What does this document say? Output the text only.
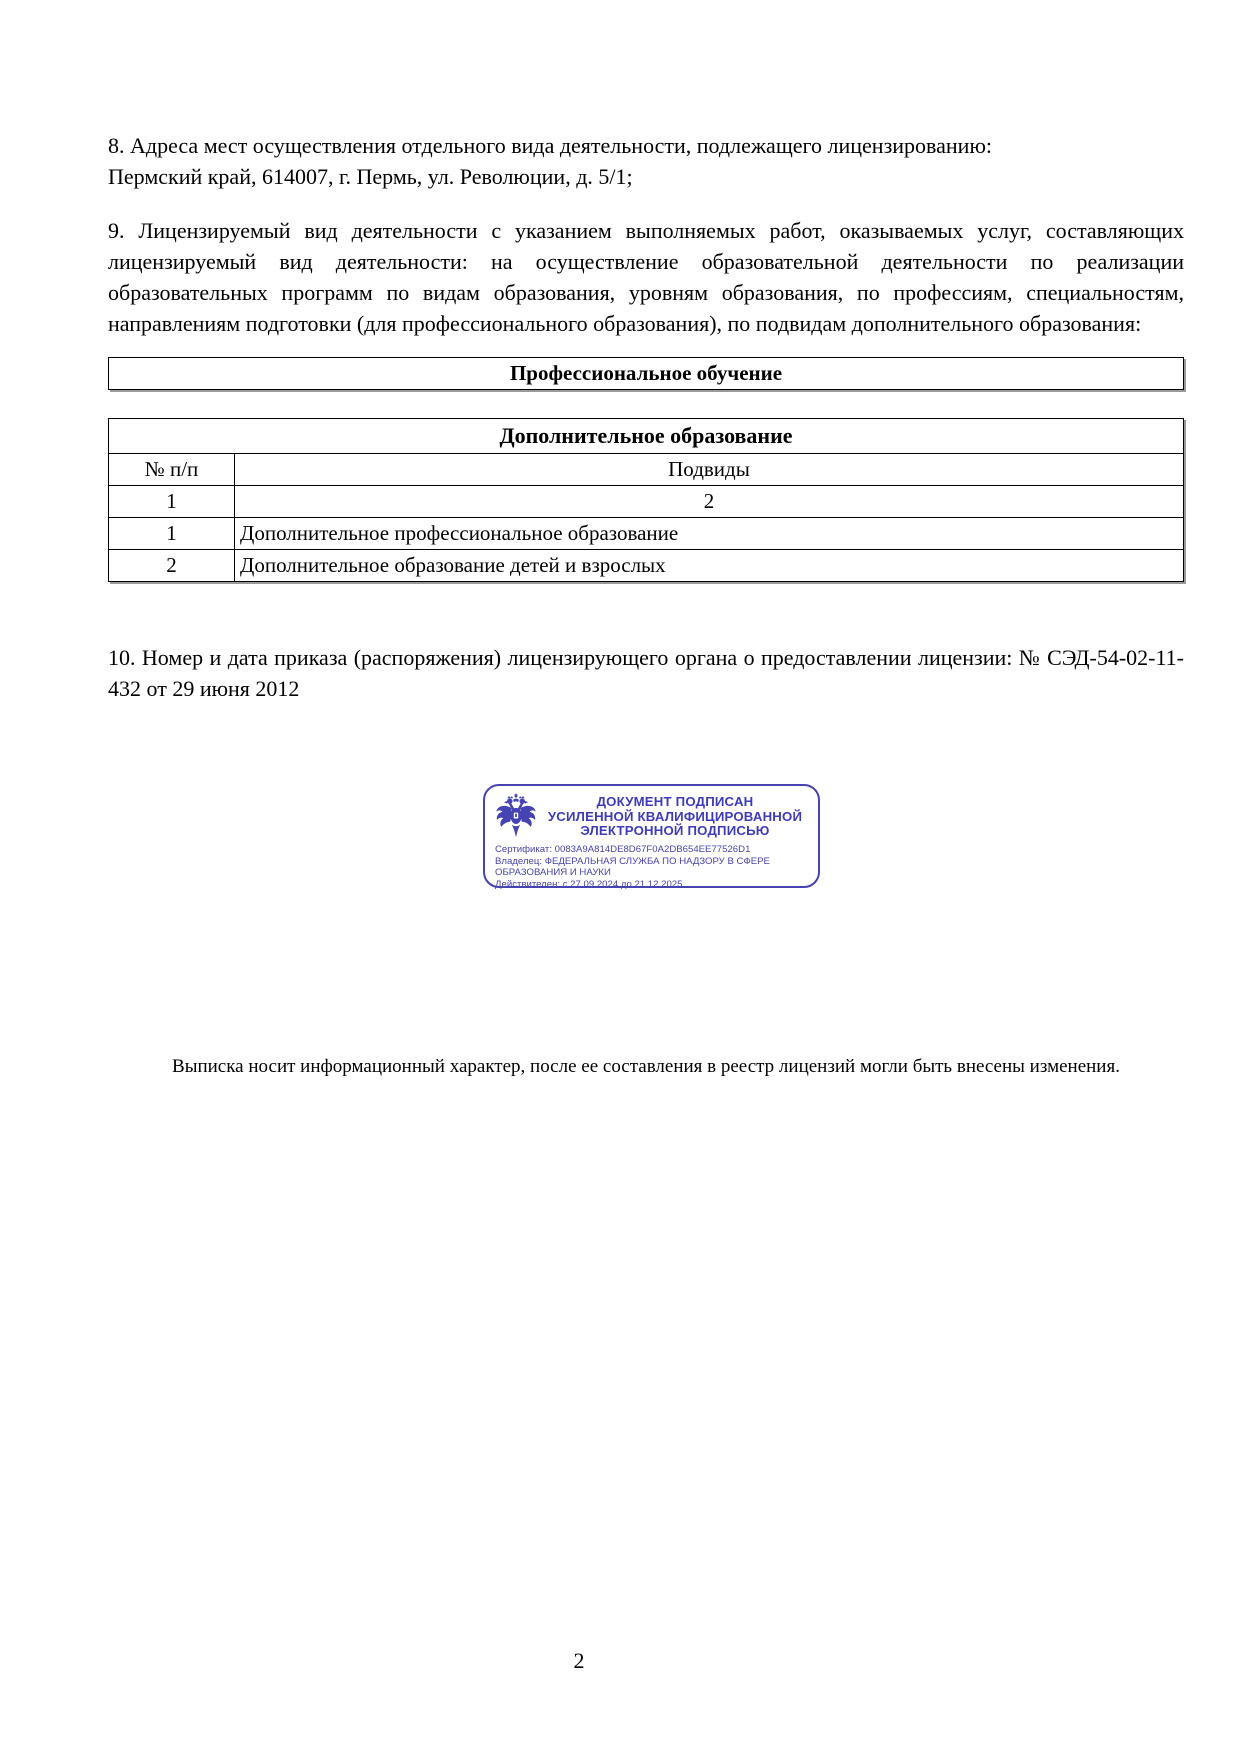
8. Адреса мест осуществления отдельного вида деятельности, подлежащего лицензированию:
Пермский край, 614007, г. Пермь, ул. Революции, д. 5/1;

9. Лицензируемый вид деятельности с указанием выполняемых работ, оказываемых услуг, составляющих лицензируемый вид деятельности: на осуществление образовательной деятельности по реализации образовательных программ по видам образования, уровням образования, по профессиям, специальностям, направлениям подготовки (для профессионального образования), по подвидам дополнительного образования:

Профессиональное обучение
Дополнительное образование	
№ п/п	Подвиды
1	2
1	Дополнительное профессиональное образование
2	Дополнительное образование детей и взрослых

10. Номер и дата приказа (распоряжения) лицензирующего органа о предоставлении лицензии: № СЭД-54-02-11-432 от 29 июня 2012

ДОКУМЕНТ ПОДПИСАН
УСИЛЕННОЙ КВАЛИФИЦИРОВАННОЙ
ЭЛЕКТРОННОЙ ПОДПИСЬЮ
Сертификат: 0083A9A814DE8D67F0A2DB654EE77526D1
Владелец: ФЕДЕРАЛЬНАЯ СЛУЖБА ПО НАДЗОРУ В СФЕРЕ ОБРАЗОВАНИЯ И НАУКИ
Действителен: с 27.09.2024 до 21.12.2025
Выписка носит информационный характер, после ее составления в реестр лицензий могли быть внесены изменения.
2
